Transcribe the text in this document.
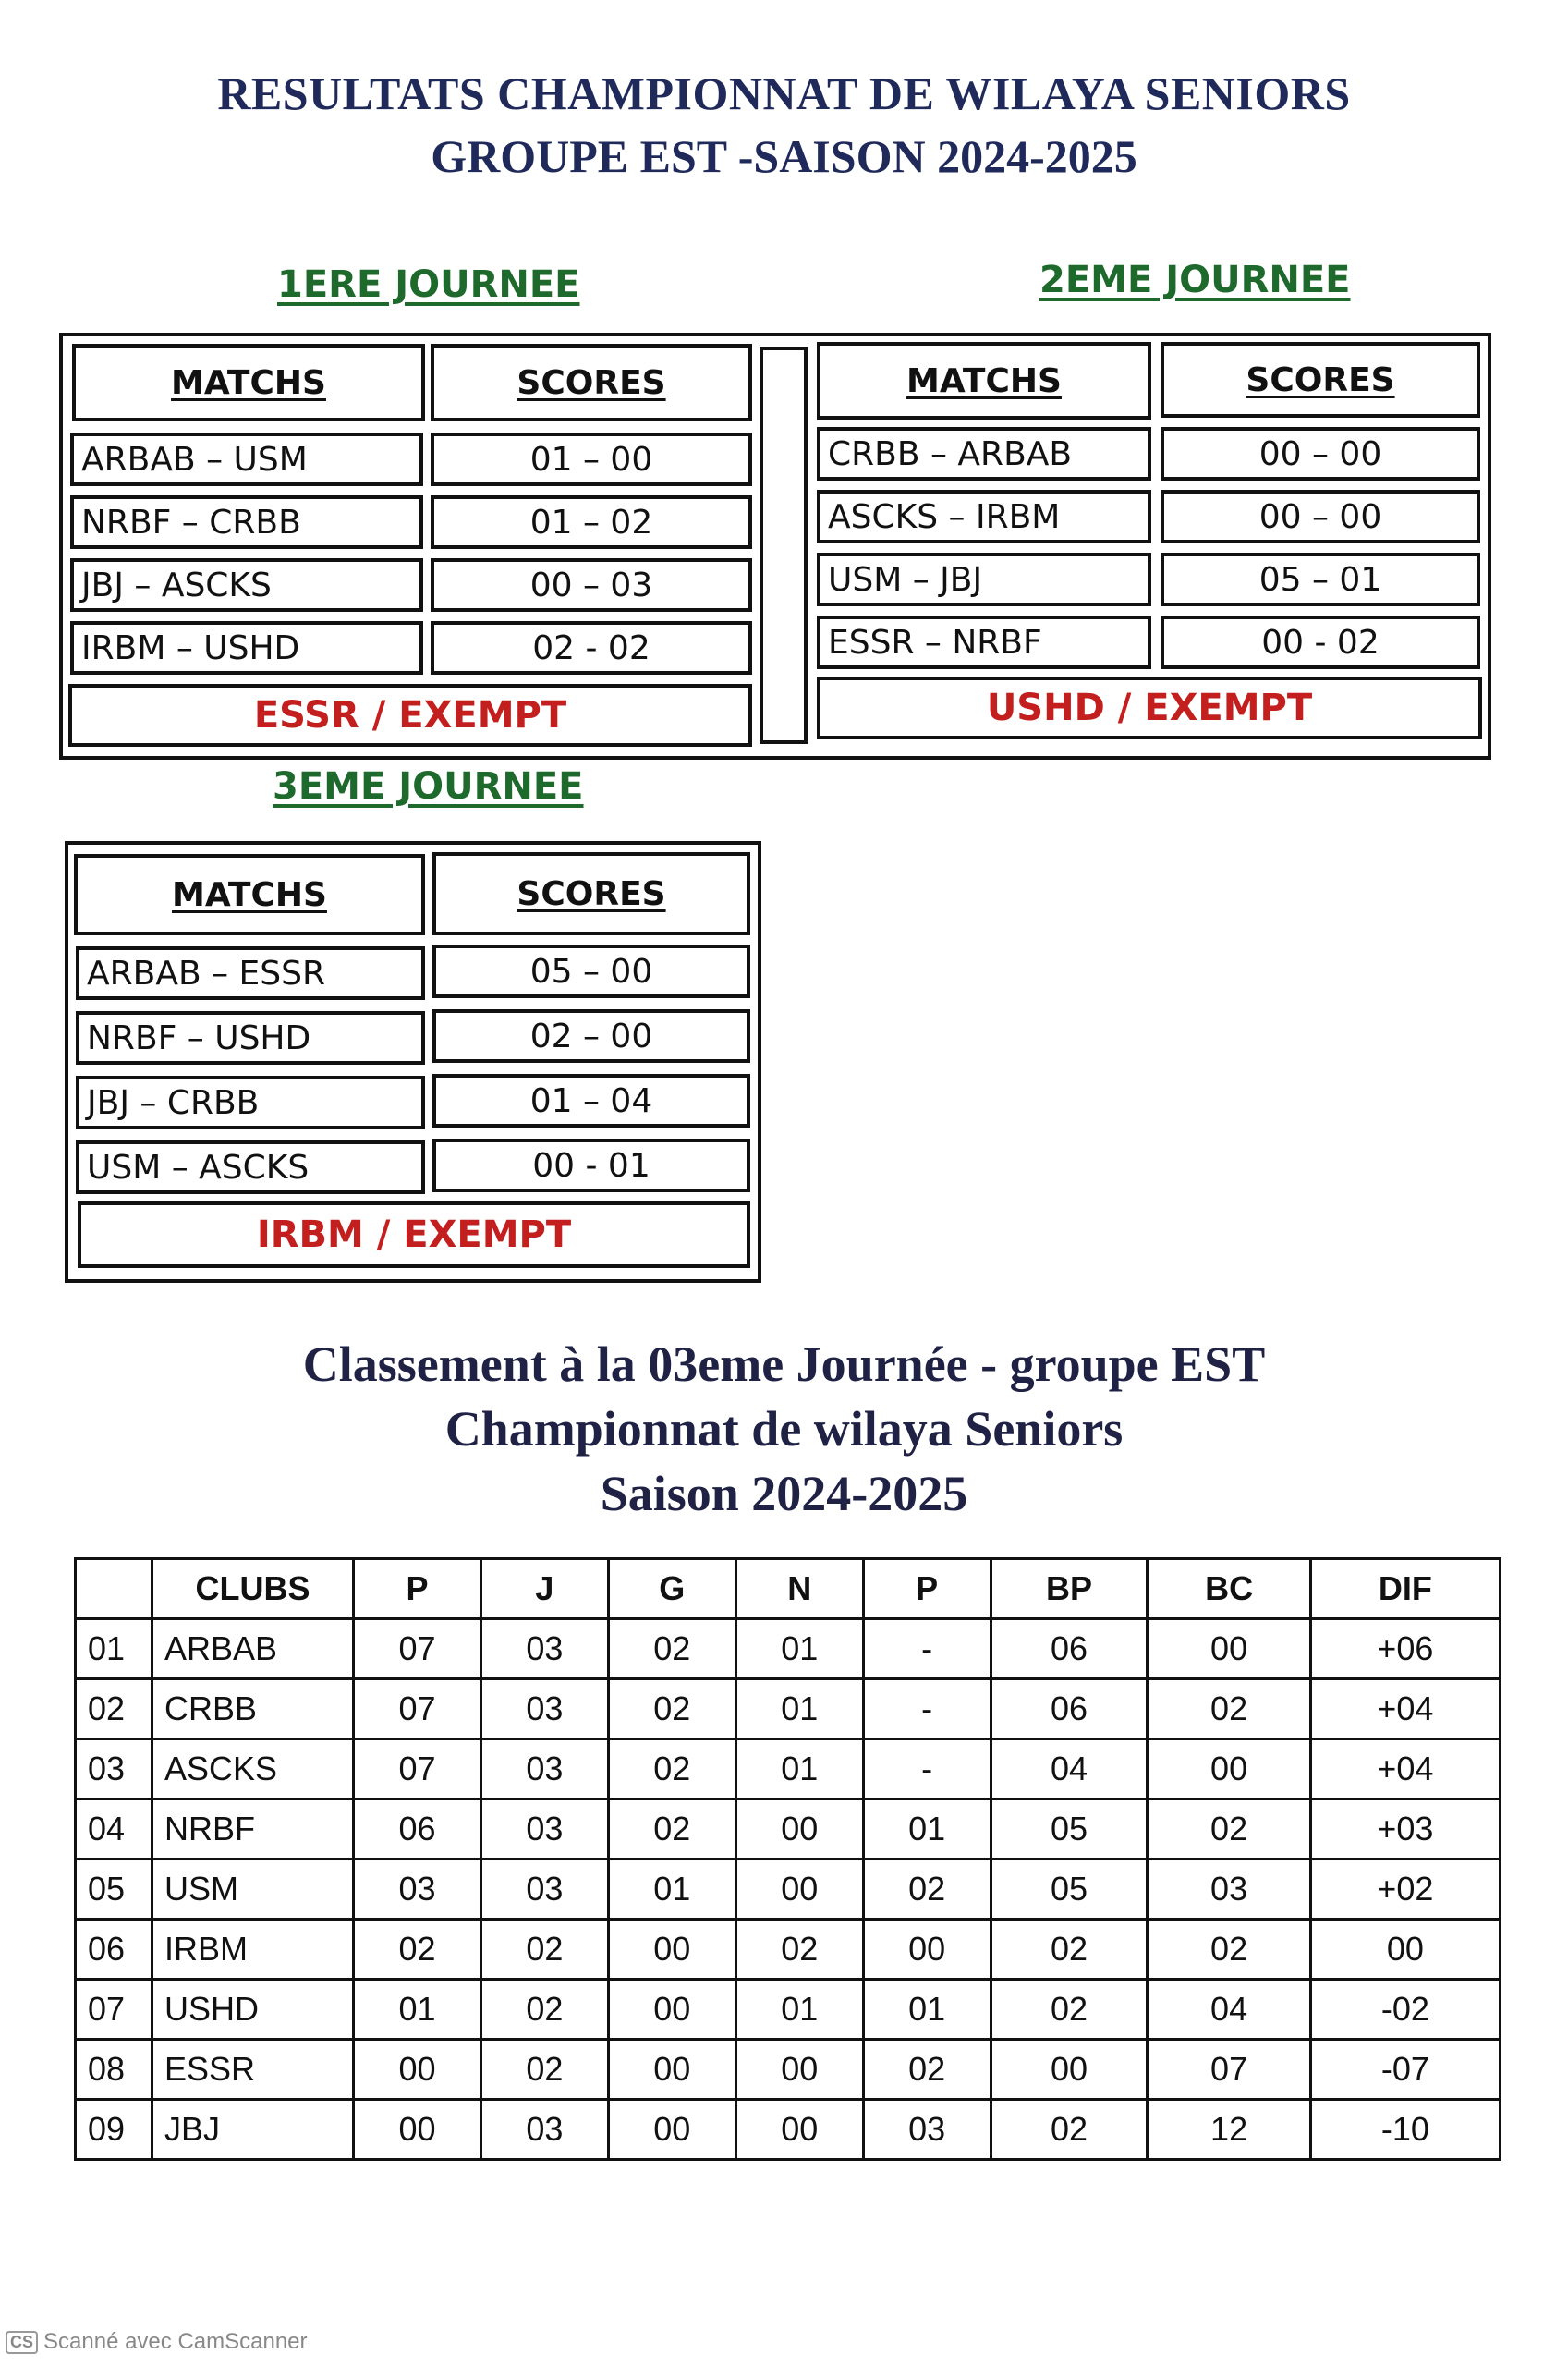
RESULTATS CHAMPIONNAT DE WILAYA SENIORS
GROUPE EST -SAISON 2024-2025
1ERE JOURNEE	2EME JOURNEE
3EME JOURNEE
MATCHS	SCORES
ARBAB – USM	01 – 00
NRBF – CRBB	01 – 02
JBJ – ASCKS	00 – 03
IRBM – USHD	02 - 02
ESSR / EXEMPT
MATCHS	SCORES
CRBB – ARBAB	00 – 00
ASCKS – IRBM	00 – 00
USM – JBJ	05 – 01
ESSR – NRBF	00 - 02
USHD / EXEMPT
MATCHS	SCORES
ARBAB – ESSR	05 – 00
NRBF – USHD	02 – 00
JBJ – CRBB	01 – 04
USM – ASCKS	00 - 01
IRBM / EXEMPT
Classement à la 03eme Journée - groupe EST
Championnat de wilaya Seniors
Saison 2024-2025
	CLUBS	P	J	G	N	P	BP	BC	DIF
01	ARBAB	07	03	02	01	-	06	00	+06
02	CRBB	07	03	02	01	-	06	02	+04
03	ASCKS	07	03	02	01	-	04	00	+04
04	NRBF	06	03	02	00	01	05	02	+03
05	USM	03	03	01	00	02	05	03	+02
06	IRBM	02	02	00	02	00	02	02	00
07	USHD	01	02	00	01	01	02	04	-02
08	ESSR	00	02	00	00	02	00	07	-07
09	JBJ	00	03	00	00	03	02	12	-10
CS Scanné avec CamScanner
